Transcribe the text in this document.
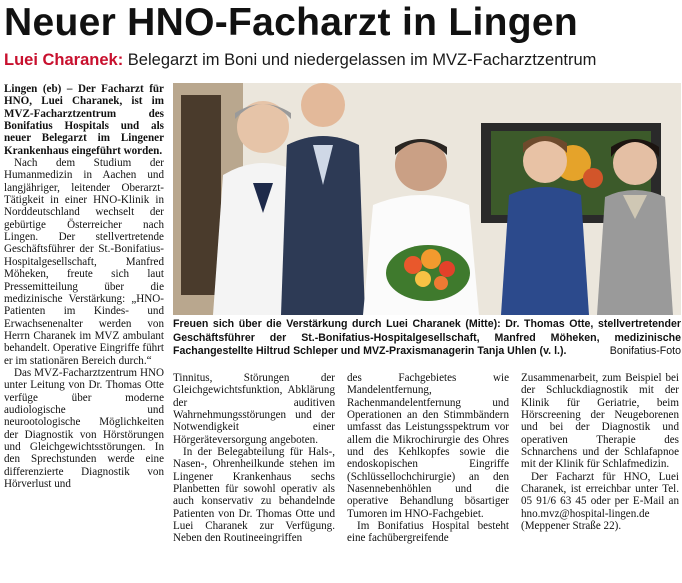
Neuer HNO-Facharzt in Lingen
Luei Charanek: Belegarzt im Boni und niedergelassen im MVZ-Facharztzentrum

Lingen (eb) – Der Facharzt für HNO, Luei Charanek, ist im MVZ-Facharztzentrum des Bonifatius Hospitals und als neuer Belegarzt im Lingener Krankenhaus eingeführt worden.

Nach dem Studium der Humanmedizin in Aachen und langjähriger, leitender Oberarzt-Tätigkeit in einer HNO-Klinik in Norddeutschland wechselt der gebürtige Österreicher nach Lingen. Der stellvertretende Geschäftsführer der St.-Bonifatius-Hospitalgesellschaft, Manfred Möheken, freute sich laut Pressemitteilung über die medizinische Verstärkung: „HNO-Patienten im Kindes- und Erwachsenenalter werden von Herrn Charanek im MVZ ambulant behandelt. Operative Eingriffe führt er im stationären Bereich durch.“

Das MVZ-Facharztzentrum HNO unter Leitung von Dr. Thomas Otte verfüge über moderne audiologische und neurootologische Möglichkeiten der Diagnostik von Hörstörungen und Gleichgewichtsstörungen. In den Sprechstunden werde eine differenzierte Diagnostik von Hörverlust und

Freuen sich über die Verstärkung durch Luei Charanek (Mitte): Dr. Thomas Otte, stellvertretender Geschäftsführer der St.-Bonifatius-Hospitalgesellschaft, Manfred Möheken, medizinische Fachangestellte Hiltrud Schleper und MVZ-Praxismanagerin Tanja Uhlen (v. l.).	Bonifatius-Foto

Tinnitus, Störungen der Gleichgewichtsfunktion, Abklärung der auditiven Wahrnehmungsstörungen und der Notwendigkeit einer Hörgeräteversorgung angeboten.

In der Belegabteilung für Hals-, Nasen-, Ohrenheilkunde stehen im Lingener Krankenhaus sechs Planbetten für sowohl operativ als auch konservativ zu behandelnde Patienten von Dr. Thomas Otte und Luei Charanek zur Verfügung. Neben den Routineeingriffen

des Fachgebietes wie Mandelentfernung, Rachenmandelentfernung und Operationen an den Stimmbändern umfasst das Leistungsspektrum vor allem die Mikrochirurgie des Ohres und des Kehlkopfes sowie die endoskopischen Eingriffe (Schlüssellochchirurgie) an den Nasennebenhöhlen und die operative Behandlung bösartiger Tumoren im HNO-Fachgebiet.

Im Bonifatius Hospital besteht eine fachübergreifende

Zusammenarbeit, zum Beispiel bei der Schluckdiagnostik mit der Klinik für Geriatrie, beim Hörscreening der Neugeborenen und bei der Diagnostik und operativen Therapie des Schnarchens und der Schlafapnoe mit der Klinik für Schlafmedizin.

Der Facharzt für HNO, Luei Charanek, ist erreichbar unter Tel. 05 91/6 63 45 oder per E-Mail an hno.mvz@hospital-lingen.de (Meppener Straße 22).
